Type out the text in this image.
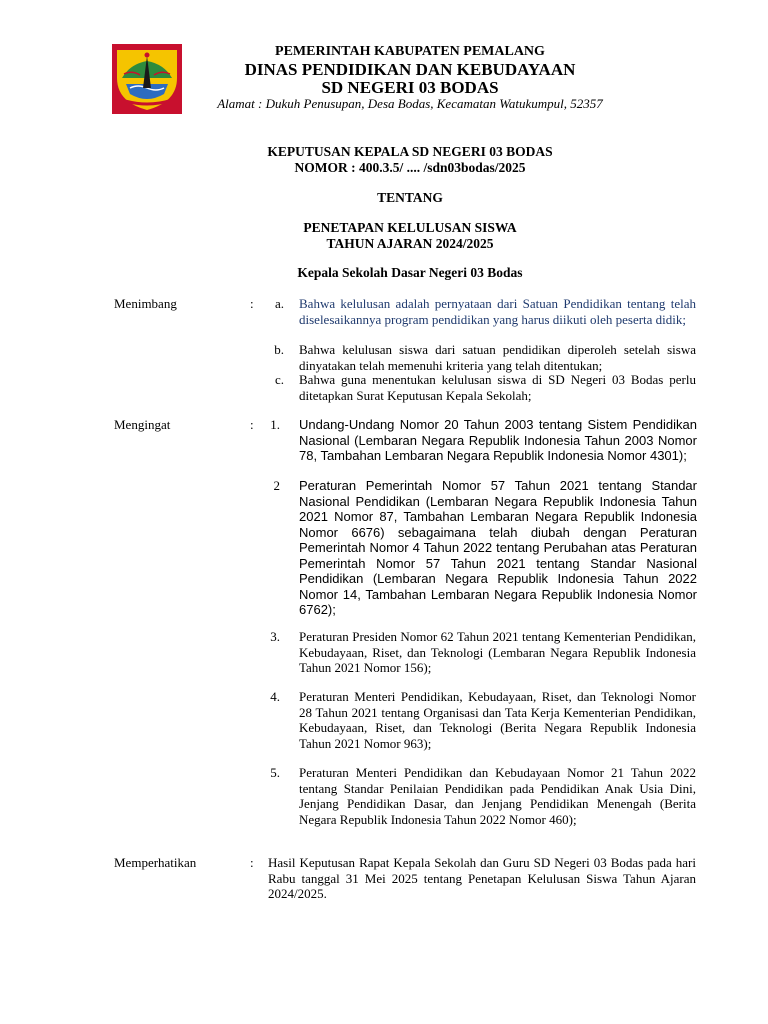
PEMERINTAH KABUPATEN PEMALANG
DINAS PENDIDIKAN DAN KEBUDAYAAN
SD NEGERI 03 BODAS
Alamat : Dukuh Penusupan, Desa Bodas, Kecamatan Watukumpul, 52357
KEPUTUSAN KEPALA SD NEGERI 03 BODAS
NOMOR : 400.3.5/ .... /sdn03bodas/2025
TENTANG
PENETAPAN KELULUSAN SISWA
TAHUN AJARAN 2024/2025
Kepala Sekolah Dasar Negeri 03 Bodas
Menimbang	:	a. Bahwa kelulusan adalah pernyataan dari Satuan Pendidikan tentang telah diselesaikannya program pendidikan yang harus diikuti oleh peserta didik;
b. Bahwa kelulusan siswa dari satuan pendidikan diperoleh setelah siswa dinyatakan telah memenuhi kriteria yang telah ditentukan;
c. Bahwa guna menentukan kelulusan siswa di SD Negeri 03 Bodas perlu ditetapkan Surat Keputusan Kepala Sekolah;
Mengingat	:	1. Undang-Undang Nomor 20 Tahun 2003 tentang Sistem Pendidikan Nasional (Lembaran Negara Republik Indonesia Tahun 2003 Nomor 78, Tambahan Lembaran Negara Republik Indonesia Nomor 4301);
2 Peraturan Pemerintah Nomor 57 Tahun 2021 tentang Standar Nasional Pendidikan (Lembaran Negara Republik Indonesia Tahun 2021 Nomor 87, Tambahan Lembaran Negara Republik Indonesia Nomor 6676) sebagaimana telah diubah dengan Peraturan Pemerintah Nomor 4 Tahun 2022 tentang Perubahan atas Peraturan Pemerintah Nomor 57 Tahun 2021 tentang Standar Nasional Pendidikan (Lembaran Negara Republik Indonesia Tahun 2022 Nomor 14, Tambahan Lembaran Negara Republik Indonesia Nomor 6762);
3. Peraturan Presiden Nomor 62 Tahun 2021 tentang Kementerian Pendidikan, Kebudayaan, Riset, dan Teknologi (Lembaran Negara Republik Indonesia Tahun 2021 Nomor 156);
4. Peraturan Menteri Pendidikan, Kebudayaan, Riset, dan Teknologi Nomor 28 Tahun 2021 tentang Organisasi dan Tata Kerja Kementerian Pendidikan, Kebudayaan, Riset, dan Teknologi (Berita Negara Republik Indonesia Tahun 2021 Nomor 963);
5. Peraturan Menteri Pendidikan dan Kebudayaan Nomor 21 Tahun 2022 tentang Standar Penilaian Pendidikan pada Pendidikan Anak Usia Dini, Jenjang Pendidikan Dasar, dan Jenjang Pendidikan Menengah (Berita Negara Republik Indonesia Tahun 2022 Nomor 460);
Memperhatikan	: Hasil Keputusan Rapat Kepala Sekolah dan Guru SD Negeri 03 Bodas pada hari Rabu tanggal 31 Mei 2025 tentang Penetapan Kelulusan Siswa Tahun Ajaran 2024/2025.
